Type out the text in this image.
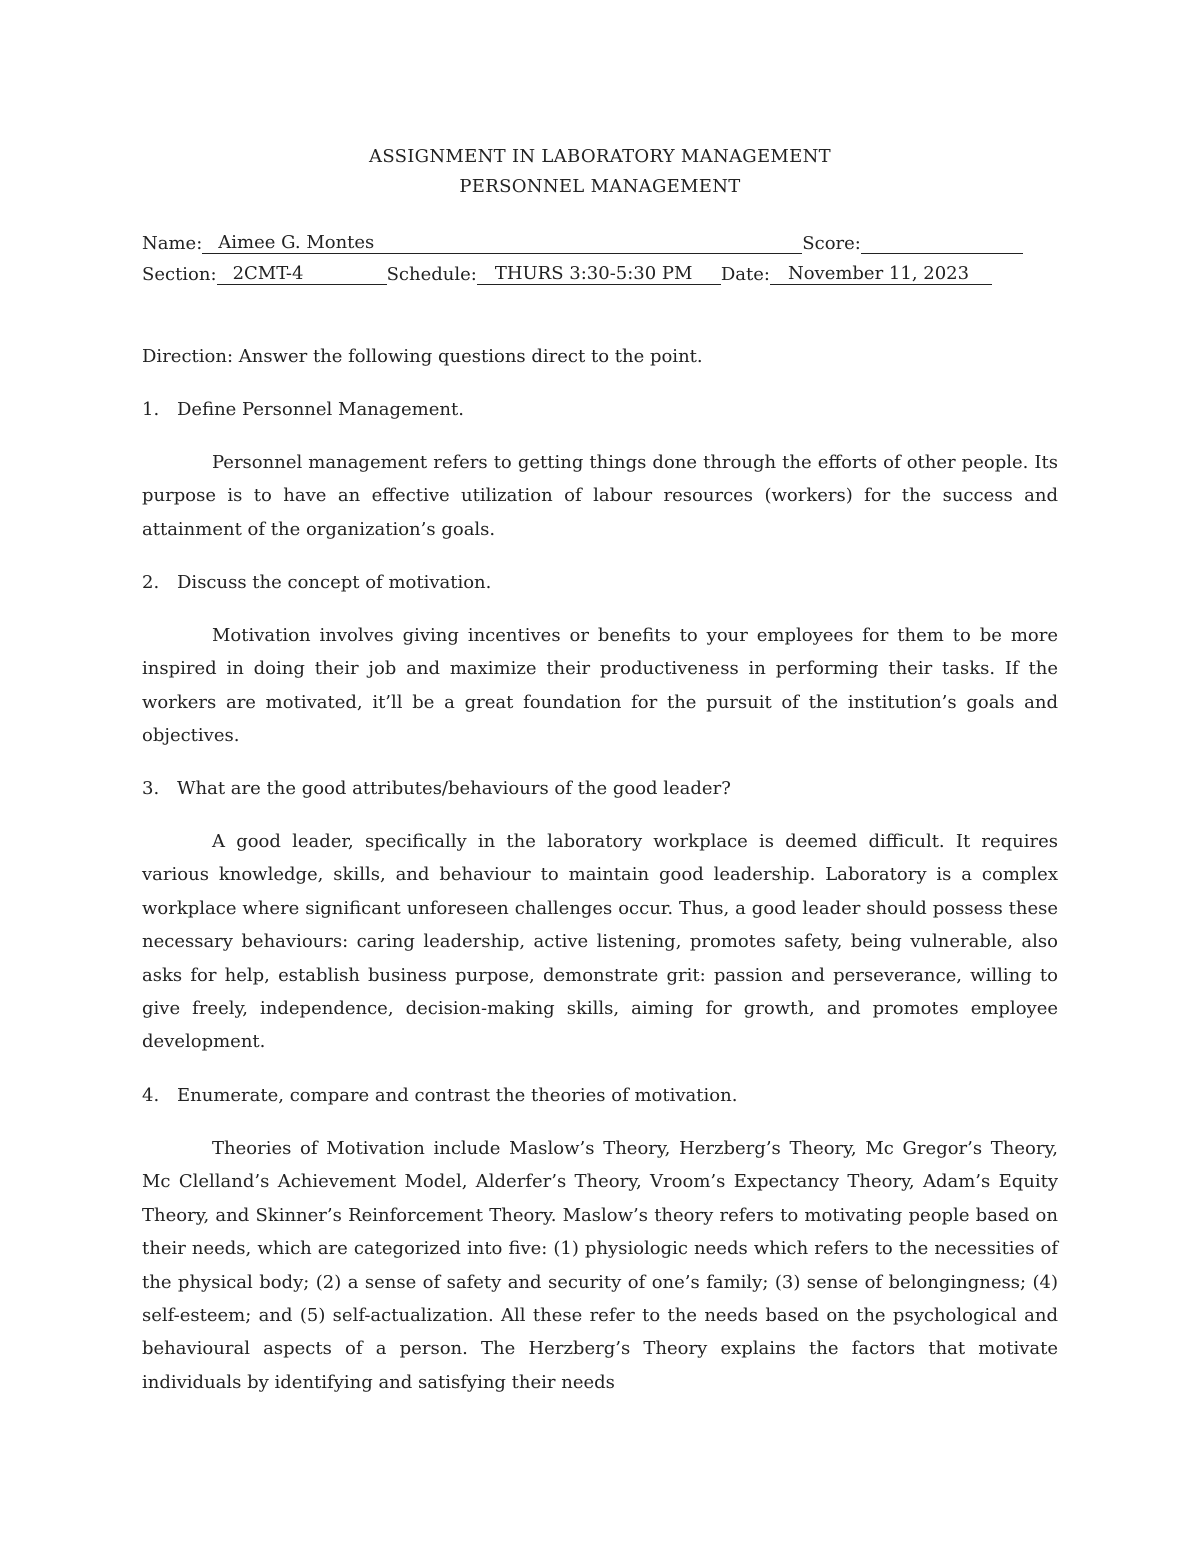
ASSIGNMENT IN LABORATORY MANAGEMENT
PERSONNEL MANAGEMENT
Name: Aimee G. Montes	Score:
Section: 2CMT-4	Schedule: THURS 3:30-5:30 PM Date: November 11, 2023
Direction: Answer the following questions direct to the point.
1. Define Personnel Management.
Personnel management refers to getting things done through the efforts of other people. Its purpose is to have an effective utilization of labour resources (workers) for the success and attainment of the organization’s goals.
2. Discuss the concept of motivation.
Motivation involves giving incentives or benefits to your employees for them to be more inspired in doing their job and maximize their productiveness in performing their tasks. If the workers are motivated, it’ll be a great foundation for the pursuit of the institution’s goals and objectives.
3. What are the good attributes/behaviours of the good leader?
A good leader, specifically in the laboratory workplace is deemed difficult. It requires various knowledge, skills, and behaviour to maintain good leadership. Laboratory is a complex workplace where significant unforeseen challenges occur. Thus, a good leader should possess these necessary behaviours: caring leadership, active listening, promotes safety, being vulnerable, also asks for help, establish business purpose, demonstrate grit: passion and perseverance, willing to give freely, independence, decision-making skills, aiming for growth, and promotes employee development.
4. Enumerate, compare and contrast the theories of motivation.
Theories of Motivation include Maslow’s Theory, Herzberg’s Theory, Mc Gregor’s Theory, Mc Clelland’s Achievement Model, Alderfer’s Theory, Vroom’s Expectancy Theory, Adam’s Equity Theory, and Skinner’s Reinforcement Theory. Maslow’s theory refers to motivating people based on their needs, which are categorized into five: (1) physiologic needs which refers to the necessities of the physical body; (2) a sense of safety and security of one’s family; (3) sense of belongingness; (4) self-esteem; and (5) self-actualization. All these refer to the needs based on the psychological and behavioural aspects of a person. The Herzberg’s Theory explains the factors that motivate individuals by identifying and satisfying their needs
